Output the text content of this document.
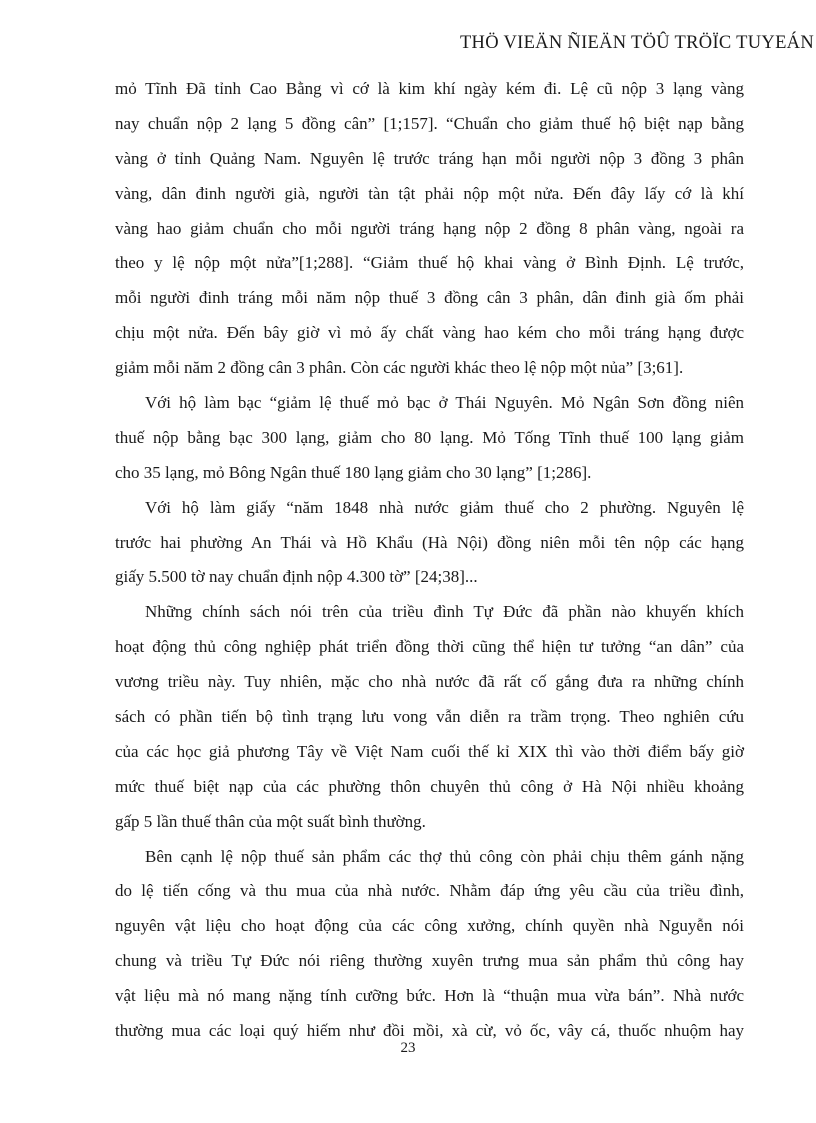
THÖ VIEÄN ÑIEÄN TÖÛ TRÖÏC TUYEÁN
mỏ Tĩnh Đã tỉnh Cao Bằng vì cớ là kim khí ngày kém đi. Lệ cũ nộp 3 lạng vàng
nay chuẩn nộp 2 lạng 5 đồng cân” [1;157]. “Chuẩn cho giảm thuế hộ biệt nạp bằng
vàng ở tỉnh Quảng Nam. Nguyên lệ trước tráng hạn mỗi người nộp 3 đồng 3 phân
vàng, dân đinh người già, người tàn tật phải nộp một nửa. Đến đây lấy cớ là khí
vàng hao giảm chuẩn cho mỗi người tráng hạng nộp 2 đồng 8 phân vàng, ngoài ra
theo y lệ nộp một nửa”[1;288]. “Giảm thuế hộ khai vàng ở Bình Định. Lệ trước,
mỗi người đinh tráng mỗi năm nộp thuế 3 đồng cân 3 phân, dân đinh già ốm phải
chịu một nửa. Đến bây giờ vì mỏ ấy chất vàng hao kém cho mỗi tráng hạng được
giảm mỗi năm 2 đồng cân 3 phân. Còn các người khác theo lệ nộp một nủa” [3;61].
Với hộ làm bạc “giảm lệ thuế mỏ bạc ở Thái Nguyên. Mỏ Ngân Sơn đồng niên
thuế nộp bằng bạc 300 lạng, giảm cho 80 lạng. Mỏ Tống Tĩnh thuế 100 lạng giảm
cho 35 lạng, mỏ Bông Ngân thuế 180 lạng giảm cho 30 lạng” [1;286].
Với hộ làm giấy “năm 1848 nhà nước giảm thuế cho 2 phường. Nguyên lệ
trước hai phường An Thái và Hồ Khẩu (Hà Nội) đồng niên mỗi tên nộp các hạng
giấy 5.500 tờ nay chuẩn định nộp 4.300 tờ” [24;38]...
Những chính sách nói trên của triều đình Tự Đức đã phần nào khuyến khích
hoạt động thủ công nghiệp phát triển đồng thời cũng thể hiện tư tưởng “an dân” của
vương triều này. Tuy nhiên, mặc cho nhà nước đã rất cố gắng đưa ra những chính
sách có phần tiến bộ tình trạng lưu vong vẫn diễn ra trầm trọng. Theo nghiên cứu
của các học giả phương Tây về Việt Nam cuối thế kỉ XIX thì vào thời điểm bấy giờ
mức thuế biệt nạp của các phường thôn chuyên thủ công ở Hà Nội nhiều khoảng
gấp 5 lần thuế thân của một suất bình thường.
Bên cạnh lệ nộp thuế sản phẩm các thợ thủ công còn phải chịu thêm gánh nặng
do lệ tiến cống và thu mua của nhà nước. Nhằm đáp ứng yêu cầu của triều đình,
nguyên vật liệu cho hoạt động của các công xưởng, chính quyền nhà Nguyễn nói
chung và triều Tự Đức nói riêng thường xuyên trưng mua sản phẩm thủ công hay
vật liệu mà nó mang nặng tính cưỡng bức. Hơn là “thuận mua vừa bán”. Nhà nước
thường mua các loại quý hiếm như đồi mồi, xà cừ, vỏ ốc, vây cá, thuốc nhuộm hay
23
